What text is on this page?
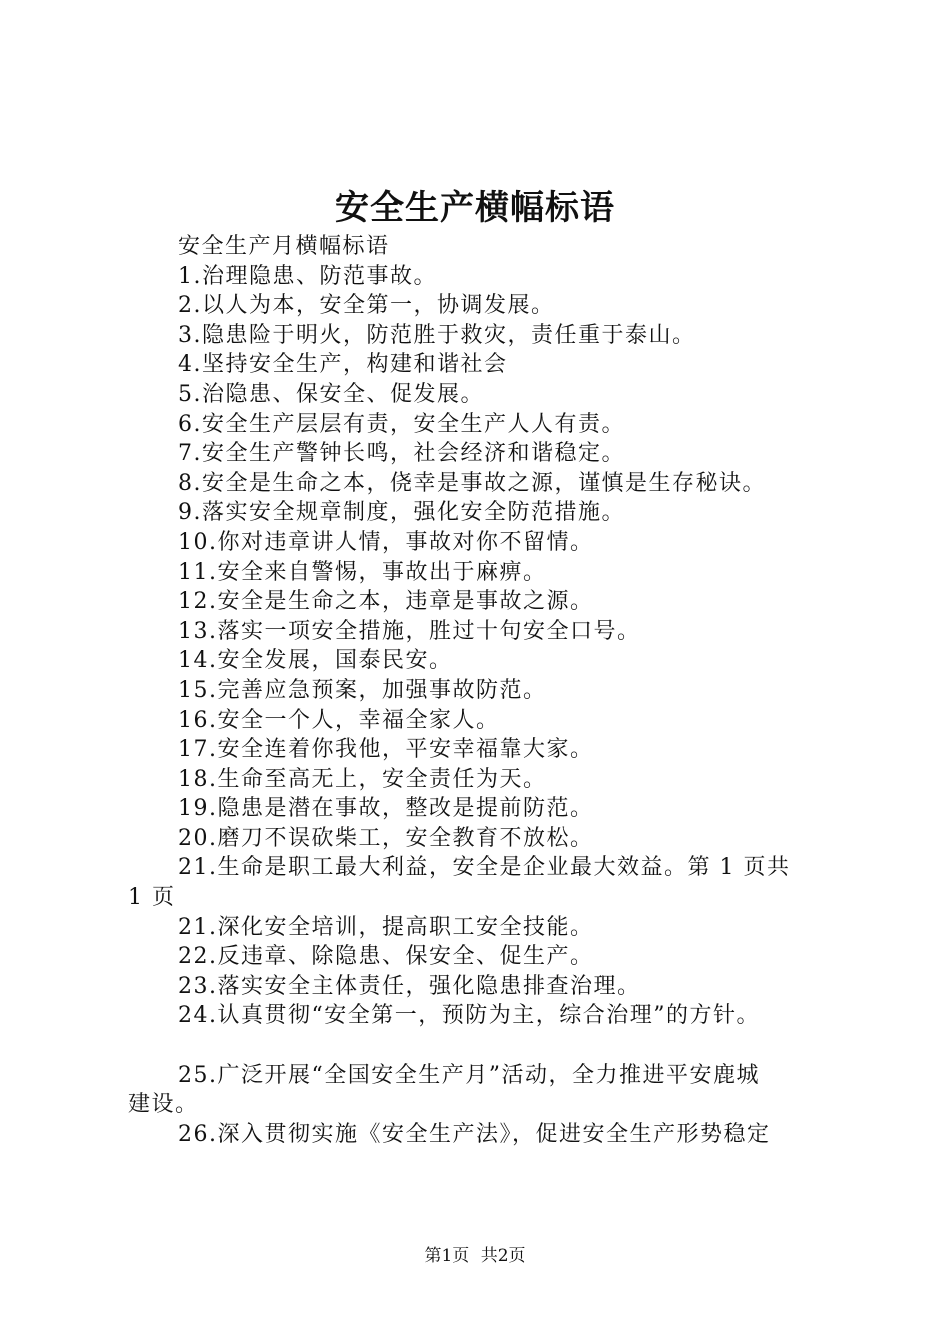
安全生产横幅标语
安全生产月横幅标语
1.治理隐患、防范事故。
2.以人为本，安全第一，协调发展。
3.隐患险于明火，防范胜于救灾，责任重于泰山。
4.坚持安全生产，构建和谐社会
5.治隐患、保安全、促发展。
6.安全生产层层有责，安全生产人人有责。
7.安全生产警钟长鸣，社会经济和谐稳定。
8.安全是生命之本，侥幸是事故之源，谨慎是生存秘诀。
9.落实安全规章制度，强化安全防范措施。
10.你对违章讲人情，事故对你不留情。
11.安全来自警惕，事故出于麻痹。
12.安全是生命之本，违章是事故之源。
13.落实一项安全措施，胜过十句安全口号。
14.安全发展，国泰民安。
15.完善应急预案，加强事故防范。
16.安全一个人，幸福全家人。
17.安全连着你我他，平安幸福靠大家。
18.生命至高无上，安全责任为天。
19.隐患是潜在事故，整改是提前防范。
20.磨刀不误砍柴工，安全教育不放松。
21.生命是职工最大利益，安全是企业最大效益。第 1 页共
1 页
21.深化安全培训，提高职工安全技能。
22.反违章、除隐患、保安全、促生产。
23.落实安全主体责任，强化隐患排查治理。
24.认真贯彻“安全第一，预防为主，综合治理”的方针。
25.广泛开展“全国安全生产月”活动，全力推进平安鹿城
建设。
26.深入贯彻实施《安全生产法》，促进安全生产形势稳定
第1页 共2页
